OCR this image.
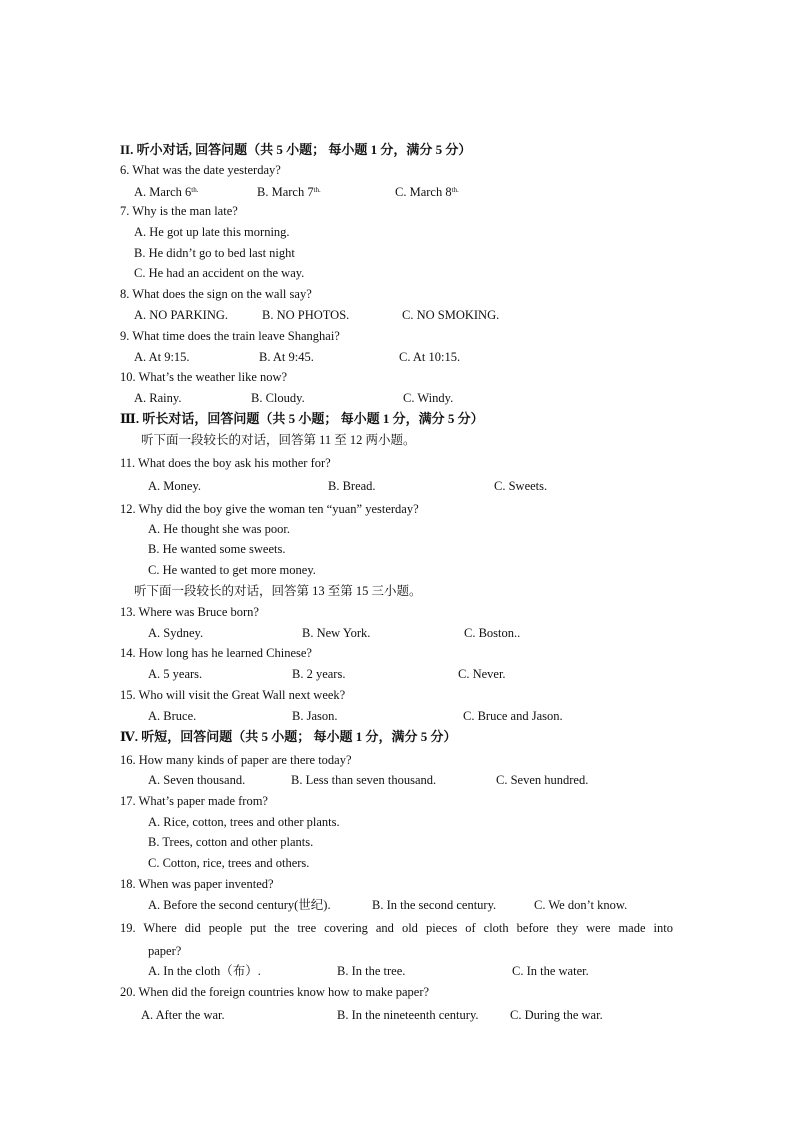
II. 听小对话, 回答问题（共 5 小题； 每小题 1 分，满分 5 分）
6. What was the date yesterday?
A. March $6^{th.}$	B. March $7^{th.}$	C. March $8^{th.}$
7. Why is the man late?
A. He got up late this morning.
B. He didn’t go to bed last night
C. He had an accident on the way.
8. What does the sign on the wall say?
A. NO PARKING.	B. NO PHOTOS.	C. NO SMOKING.
9. What time does the train leave Shanghai?
A. At 9:15.	B. At 9:45.	C. At 10:15.
10. What’s the weather like now?
A. Rainy.	B. Cloudy.	C. Windy.
Ⅲ. 听长对话，回答问题（共 5 小题； 每小题 1 分，满分 5 分）
听下面一段较长的对话，回答第 11 至 12 两小题。
11. What does the boy ask his mother for?
A. Money.	B. Bread.	C. Sweets.
12. Why did the boy give the woman ten “yuan” yesterday?
A. He thought she was poor.
B. He wanted some sweets.
C. He wanted to get more money.
听下面一段较长的对话，回答第 13 至第 15 三小题。
13. Where was Bruce born?
A. Sydney.	B. New York.	C. Boston..
14. How long has he learned Chinese?
A. 5 years.	B. 2 years.	C. Never.
15. Who will visit the Great Wall next week?
A. Bruce.	B. Jason.	C. Bruce and Jason.
Ⅳ. 听短，回答问题（共 5 小题； 每小题 1 分，满分 5 分）
16. How many kinds of paper are there today?
A. Seven thousand.	B. Less than seven thousand.	C. Seven hundred.
17. What’s paper made from?
A. Rice, cotton, trees and other plants.
B. Trees, cotton and other plants.
C. Cotton, rice, trees and others.
18. When was paper invented?
A. Before the second century(世纪).	B. In the second century.	C. We don’t know.
19. Where did people put the tree covering and old pieces of cloth before they were made into
paper?
A. In the cloth（布）.	B. In the tree.	C. In the water.
20. When did the foreign countries know how to make paper?
A. After the war.	B. In the nineteenth century.	C. During the war.
